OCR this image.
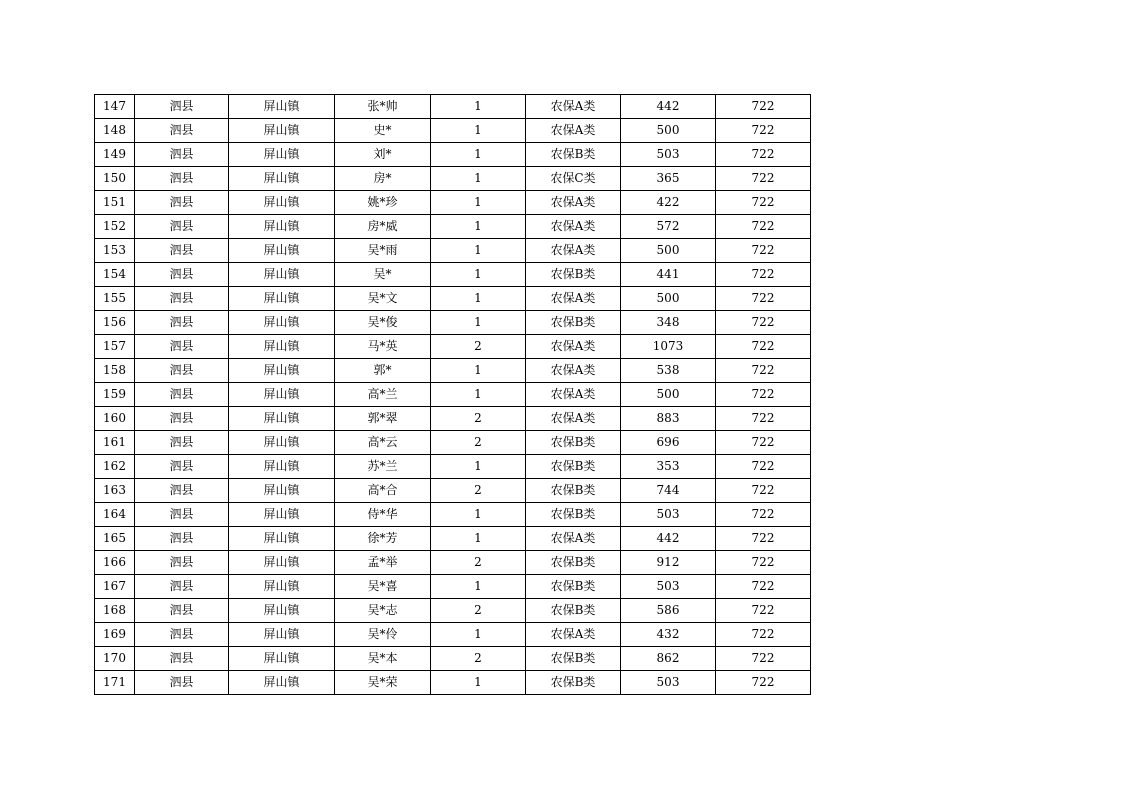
147	泗县	屏山镇	张*帅	1	农保A类	442	722
148	泗县	屏山镇	史*	1	农保A类	500	722
149	泗县	屏山镇	刘*	1	农保B类	503	722
150	泗县	屏山镇	房*	1	农保C类	365	722
151	泗县	屏山镇	姚*珍	1	农保A类	422	722
152	泗县	屏山镇	房*威	1	农保A类	572	722
153	泗县	屏山镇	吴*雨	1	农保A类	500	722
154	泗县	屏山镇	吴*	1	农保B类	441	722
155	泗县	屏山镇	吴*文	1	农保A类	500	722
156	泗县	屏山镇	吴*俊	1	农保B类	348	722
157	泗县	屏山镇	马*英	2	农保A类	1073	722
158	泗县	屏山镇	郭*	1	农保A类	538	722
159	泗县	屏山镇	高*兰	1	农保A类	500	722
160	泗县	屏山镇	郭*翠	2	农保A类	883	722
161	泗县	屏山镇	高*云	2	农保B类	696	722
162	泗县	屏山镇	苏*兰	1	农保B类	353	722
163	泗县	屏山镇	高*合	2	农保B类	744	722
164	泗县	屏山镇	侍*华	1	农保B类	503	722
165	泗县	屏山镇	徐*芳	1	农保A类	442	722
166	泗县	屏山镇	孟*举	2	农保B类	912	722
167	泗县	屏山镇	吴*喜	1	农保B类	503	722
168	泗县	屏山镇	吴*志	2	农保B类	586	722
169	泗县	屏山镇	吴*伶	1	农保A类	432	722
170	泗县	屏山镇	吴*本	2	农保B类	862	722
171	泗县	屏山镇	吴*荣	1	农保B类	503	722
